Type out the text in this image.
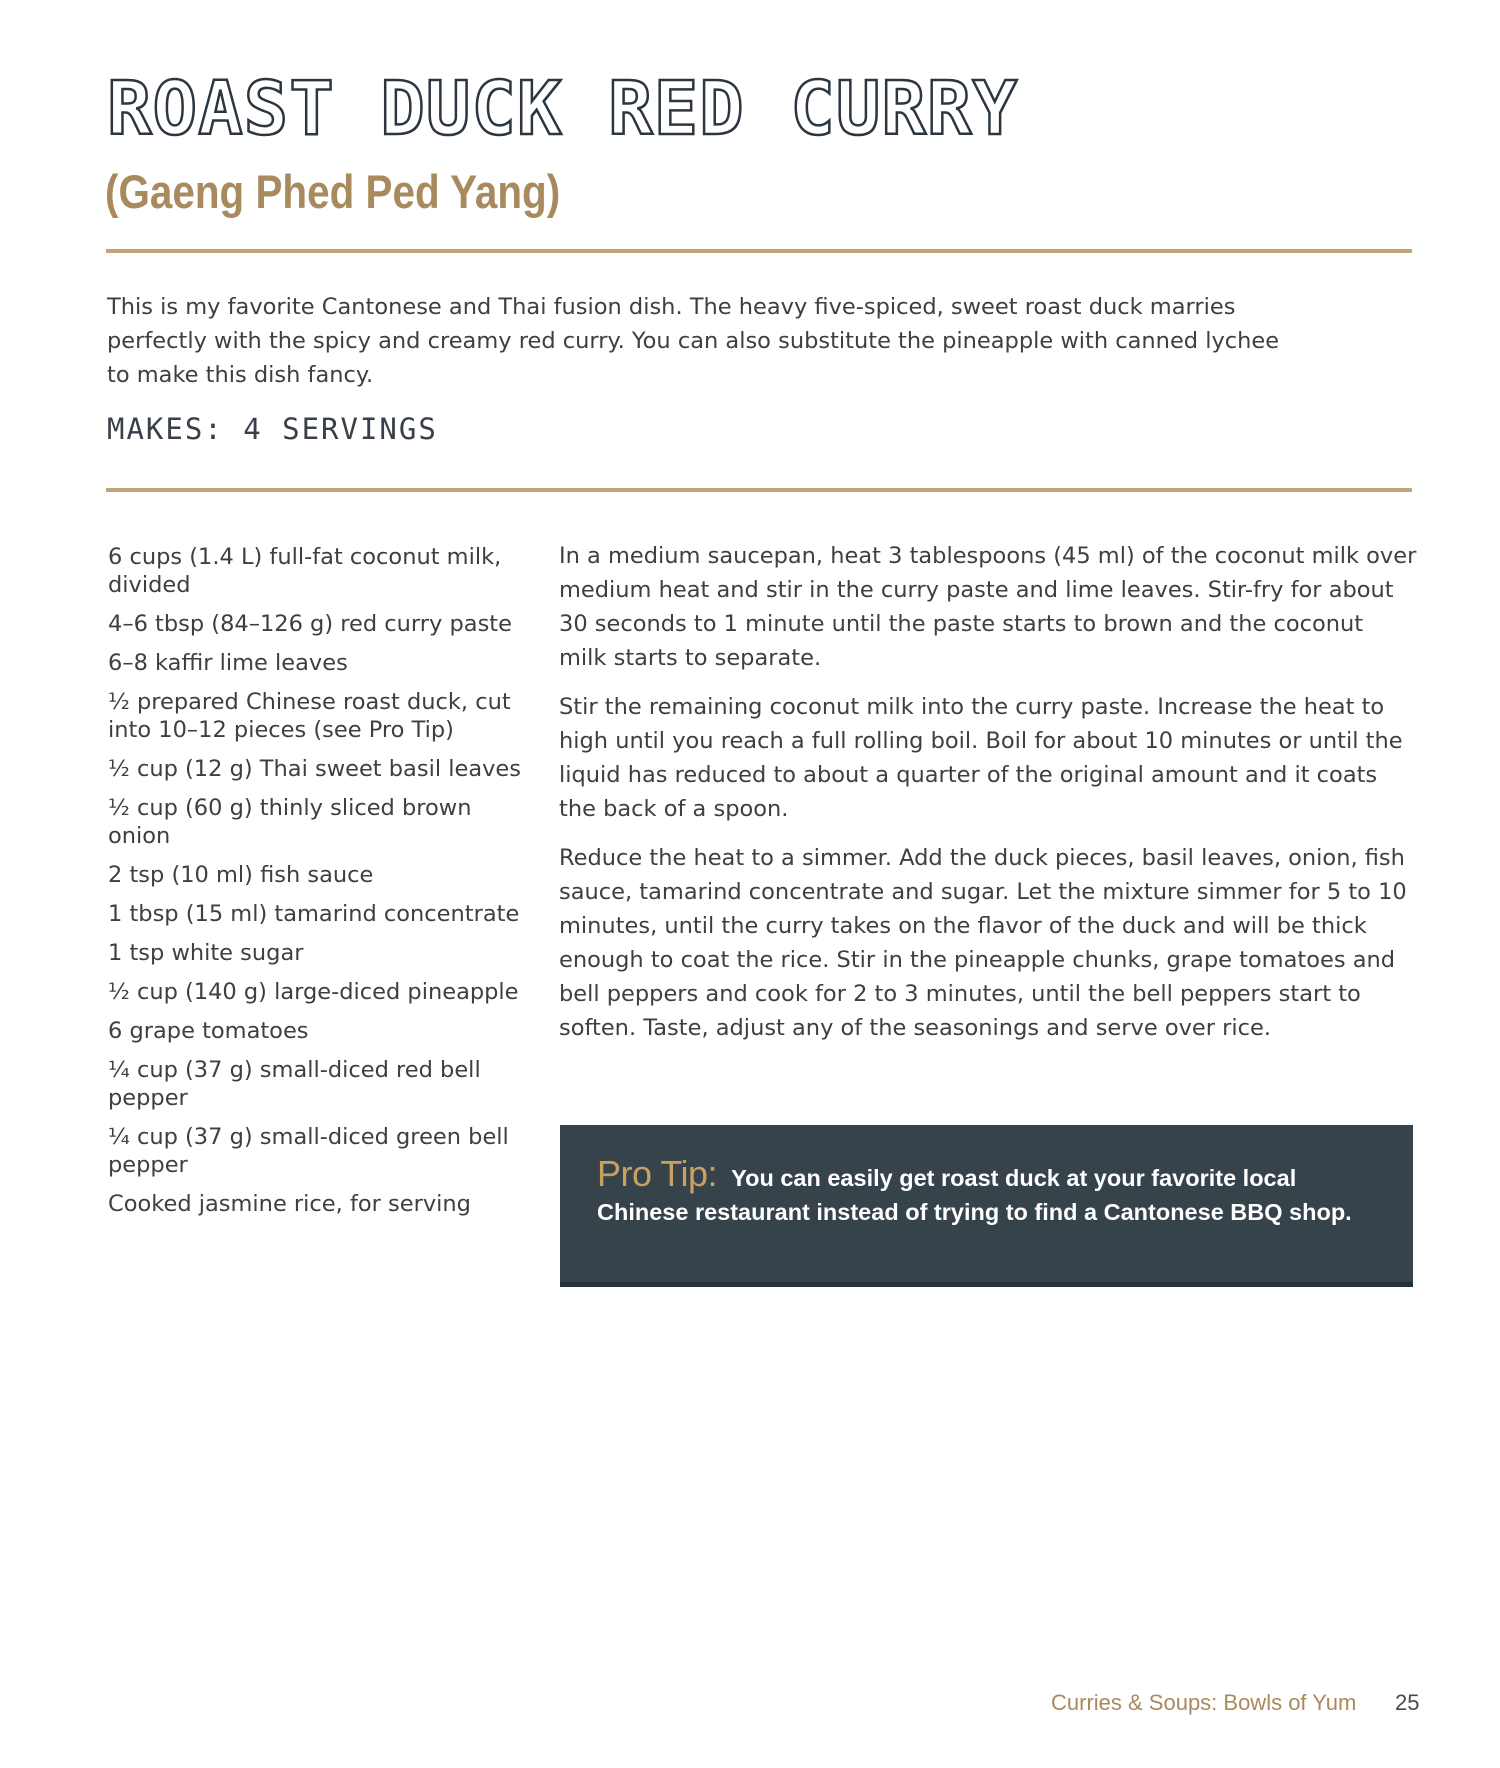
ROAST DUCK RED CURRY
(Gaeng Phed Ped Yang)

This is my favorite Cantonese and Thai fusion dish. The heavy five-spiced, sweet roast duck marries perfectly with the spicy and creamy red curry. You can also substitute the pineapple with canned lychee to make this dish fancy.

MAKES: 4 SERVINGS

6 cups (1.4 L) full-fat coconut milk, divided
4–6 tbsp (84–126 g) red curry paste
6–8 kaffir lime leaves
½ prepared Chinese roast duck, cut into 10–12 pieces (see Pro Tip)
½ cup (12 g) Thai sweet basil leaves
½ cup (60 g) thinly sliced brown onion
2 tsp (10 ml) fish sauce
1 tbsp (15 ml) tamarind concentrate
1 tsp white sugar
½ cup (140 g) large-diced pineapple
6 grape tomatoes
¼ cup (37 g) small-diced red bell pepper
¼ cup (37 g) small-diced green bell pepper
Cooked jasmine rice, for serving

In a medium saucepan, heat 3 tablespoons (45 ml) of the coconut milk over medium heat and stir in the curry paste and lime leaves. Stir-fry for about 30 seconds to 1 minute until the paste starts to brown and the coconut milk starts to separate.

Stir the remaining coconut milk into the curry paste. Increase the heat to high until you reach a full rolling boil. Boil for about 10 minutes or until the liquid has reduced to about a quarter of the original amount and it coats the back of a spoon.

Reduce the heat to a simmer. Add the duck pieces, basil leaves, onion, fish sauce, tamarind concentrate and sugar. Let the mixture simmer for 5 to 10 minutes, until the curry takes on the flavor of the duck and will be thick enough to coat the rice. Stir in the pineapple chunks, grape tomatoes and bell peppers and cook for 2 to 3 minutes, until the bell peppers start to soften. Taste, adjust any of the seasonings and serve over rice.

Pro Tip: You can easily get roast duck at your favorite local Chinese restaurant instead of trying to find a Cantonese BBQ shop.

Curries & Soups: Bowls of Yum 25
